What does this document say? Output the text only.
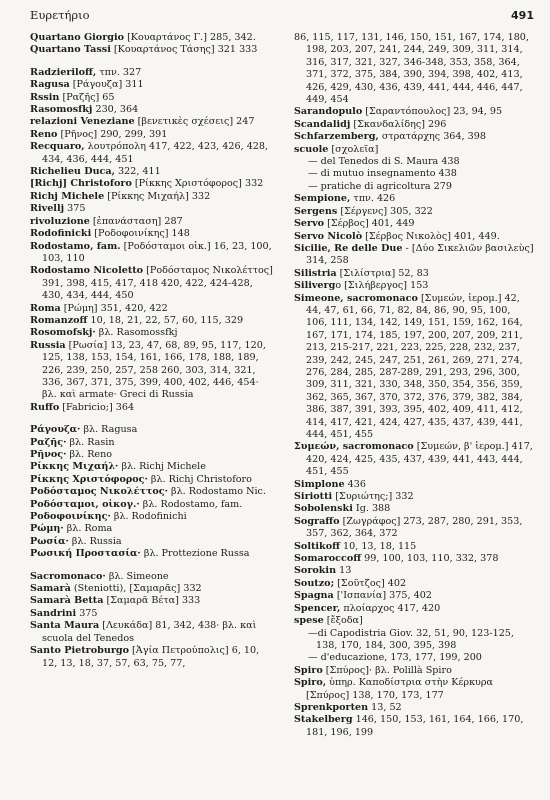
Ευρετήριο	491

Quartano Giorgio [Κουαρτάνος Γ.] 285, 342.

Quartano Tassi [Κουαρτάνος Τάσης] 321 333

Radzieriloff, τπν. 327

Ragusa [Ράγουζα] 311

Rssin [Ραζῆς] 65

Rasomosfkj 230, 364

relazioni Veneziane [βενετικὲς σχέσεις] 247

Reno [Ρῆνος] 290, 299, 391

Recquaro, λουτρόπολη 417, 422, 423, 426, 428, 434, 436, 444, 451

Richelieu Duca, 322, 411

[Richj] Christoforo [Ρίκκης Χριστόφορος] 332

Richj Michele [Ρίκκης Μιχαήλ] 332

Rivellj 375

rivoluzione [ἐπανάσταση] 287

Rodofinicki [Ροδοφοινίκης] 148

Rodostamo, fam. [Ροδόσταμοι οἰκ.] 16, 23, 100, 103, 110

Rodostamo Nicoletto [Ροδόσταμος Νικολέττος] 391, 398, 415, 417, 418 420, 422, 424-428, 430, 434, 444, 450

Roma [Ρώμη] 351, 420, 422

Romanzoff 10, 18, 21, 22, 57, 60, 115, 329

Rosomofskj· βλ. Rasomossfkj

Russia [Ρωσία] 13, 23, 47, 68, 89, 95, 117, 120, 125, 138, 153, 154, 161, 166, 178, 188, 189, 226, 239, 250, 257, 258 260, 303, 314, 321, 336, 367, 371, 375, 399, 400, 402, 446, 454· βλ. καὶ armate· Greci di Russia

Ruffo [Fabricio;] 364

Ράγουζα· βλ. Ragusa

Ραζῆς· βλ. Rasin

Ρῆνος· βλ. Reno

Ρίκκης Μιχαήλ· βλ. Richj Michele

Ρίκκης Χριστόφορος· βλ. Richj Christoforo

Ροδόσταμος Νικολέττος· βλ. Rodostamo Nic.

Ροδόσταμοι, οἰκογ.· βλ. Rodostamo, fam.

Ροδοφοινίκης· βλ. Rodofinichi

Ρώμη· βλ. Roma

Ρωσία· βλ. Russia

Ρωσική Προστασία· βλ. Prottezione Russa

Sacromonaco· βλ. Simeone

Samarà (Steniotti), [Σαμαρᾶς] 332

Samarà Betta [Σαμαρᾶ Βέτα] 333

Sandrini 375

Santa Maura [Λευκάδα] 81, 342, 438· βλ. καὶ scuola del Tenedos

Santo Pietroburgo [Ἁγία Πετρούπολις] 6, 10, 12, 13, 18, 37, 57, 63, 75, 77,

86, 115, 117, 131, 146, 150, 151, 167, 174, 180, 198, 203, 207, 241, 244, 249, 309, 311, 314, 316, 317, 321, 327, 346-348, 353, 358, 364, 371, 372, 375, 384, 390, 394, 398, 402, 413, 426, 429, 430, 436, 439, 441, 444, 446, 447, 449, 454

Sarandopulo [Σαραντόπουλος] 23, 94, 95

Scandalidj [Σκανδαλίδης] 296

Schfarzemberg, στρατάρχης 364, 398

scuole [σχολεῖα]

— del Tenedos di S. Maura 438

— di mutuo insegnamento 438

— pratiche di agricoltura 279

Sempione, τπν. 426

Sergens [Σέργενς] 305, 322

Servo [Σέρβος] 401, 449

Servo Nicolò [Σέρβος Νικολὸς] 401, 449.

Sicilie, Re delle Due - [Δύο Σικελιῶν βασιλεὺς] 314, 258

Silistria [Σιλίστρια] 52, 83

Silivergo [Σιλήβεργος] 153

Simeone, sacromonaco [Συμεών, ἱερομ.] 42, 44, 47, 61, 66, 71, 82, 84, 86, 90, 95, 100, 106, 111, 134, 142, 149, 151, 159, 162, 164, 167, 171, 174, 185, 197, 200, 207, 209, 211, 213, 215-217, 221, 223, 225, 228, 232, 237, 239, 242, 245, 247, 251, 261, 269, 271, 274, 276, 284, 285, 287-289, 291, 293, 296, 300, 309, 311, 321, 330, 348, 350, 354, 356, 359, 362, 365, 367, 370, 372, 376, 379, 382, 384, 386, 387, 391, 393, 395, 402, 409, 411, 412, 414, 417, 421, 424, 427, 435, 437, 439, 441, 444, 451, 455

Συμεών, sacromonaco [Συμεών, β' ἱερομ.] 417, 420, 424, 425, 435, 437, 439, 441, 443, 444, 451, 455

Simplone 436

Siriotti [Συριώτης;] 332

Sobolenski Ig. 388

Sograffo [Ζωγράφος] 273, 287, 280, 291, 353, 357, 362, 364, 372

Soltikoff 10, 13, 18, 115

Somaroccoff 99, 100, 103, 110, 332, 378

Sorokin 13

Soutzo; [Σοῦτζος] 402

Spagna ['Ισπανία] 375, 402

Spencer, πλοίαρχος 417, 420

spese [ἔξοδα]

—di Capodistria Giov. 32, 51, 90, 123-125, 138, 170, 184, 300, 395, 398

— d'educazione, 173, 177, 199, 200

Spiro [Σπύρος]· βλ. Polillà Spiro

Spiro, ὑπηρ. Καποδίστρια στὴν Κέρκυρα [Σπύρος] 138, 170, 173, 177

Sprenkporten 13, 52

Stakelberg 146, 150, 153, 161, 164, 166, 170, 181, 196, 199
